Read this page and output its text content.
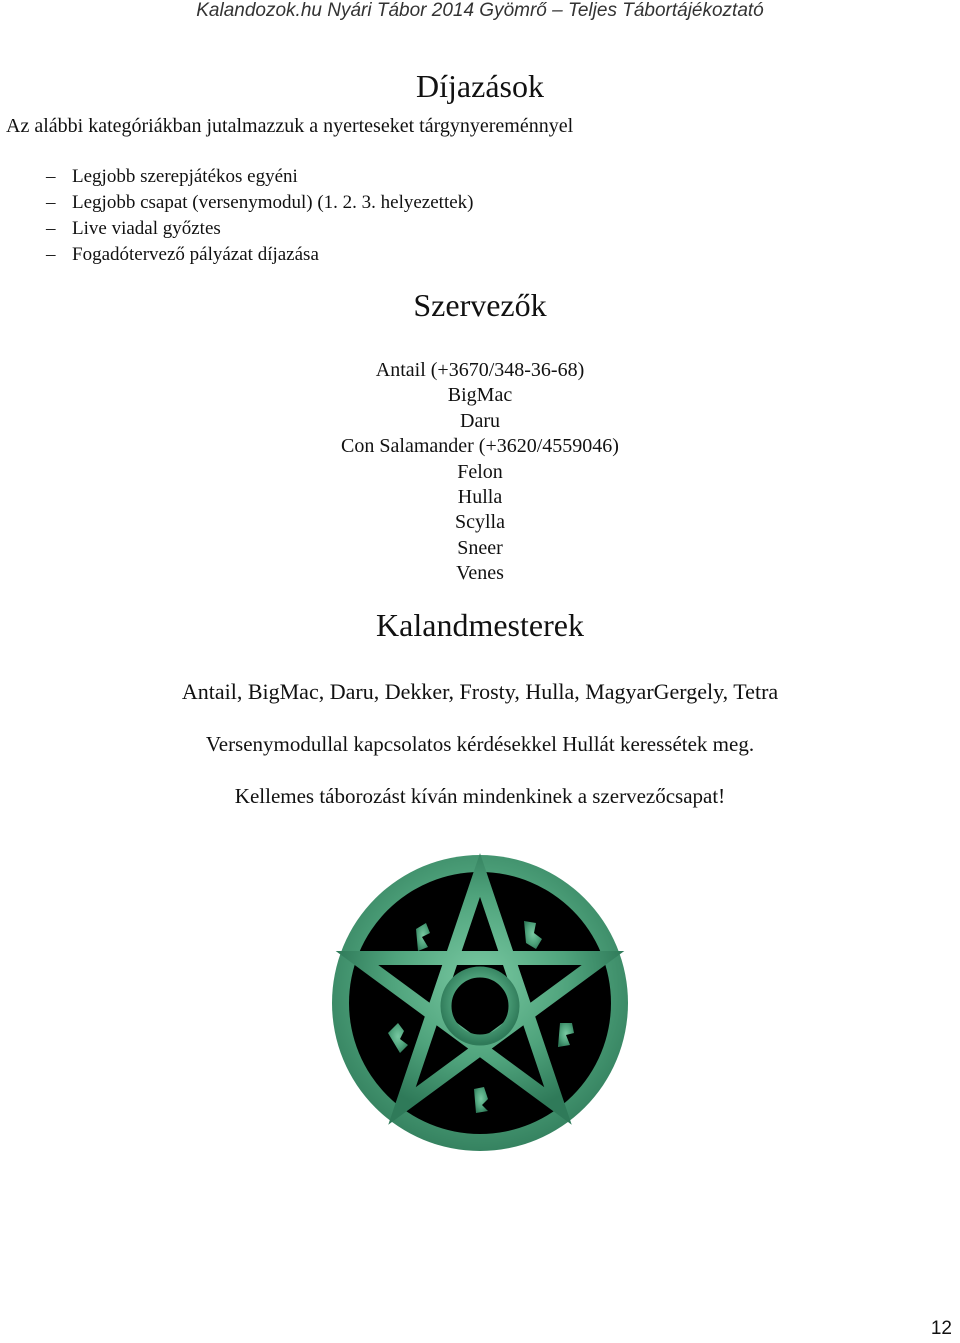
Kalandozok.hu Nyári Tábor 2014 Gyömrő – Teljes Tábortájékoztató
Díjazások
Az alábbi kategóriákban jutalmazzuk a nyerteseket tárgynyereménnyel
– Legjobb szerepjátékos egyéni
– Legjobb csapat (versenymodul) (1. 2. 3. helyezettek)
– Live viadal győztes
– Fogadótervező pályázat díjazása
Szervezők
Antail (+3670/348-36-68)
BigMac
Daru
Con Salamander (+3620/4559046)
Felon
Hulla
Scylla
Sneer
Venes
Kalandmesterek
Antail, BigMac, Daru, Dekker, Frosty, Hulla, MagyarGergely, Tetra
Versenymodullal kapcsolatos kérdésekkel Hullát keressétek meg.
Kellemes táborozást kíván mindenkinek a szervezőcsapat!
12
